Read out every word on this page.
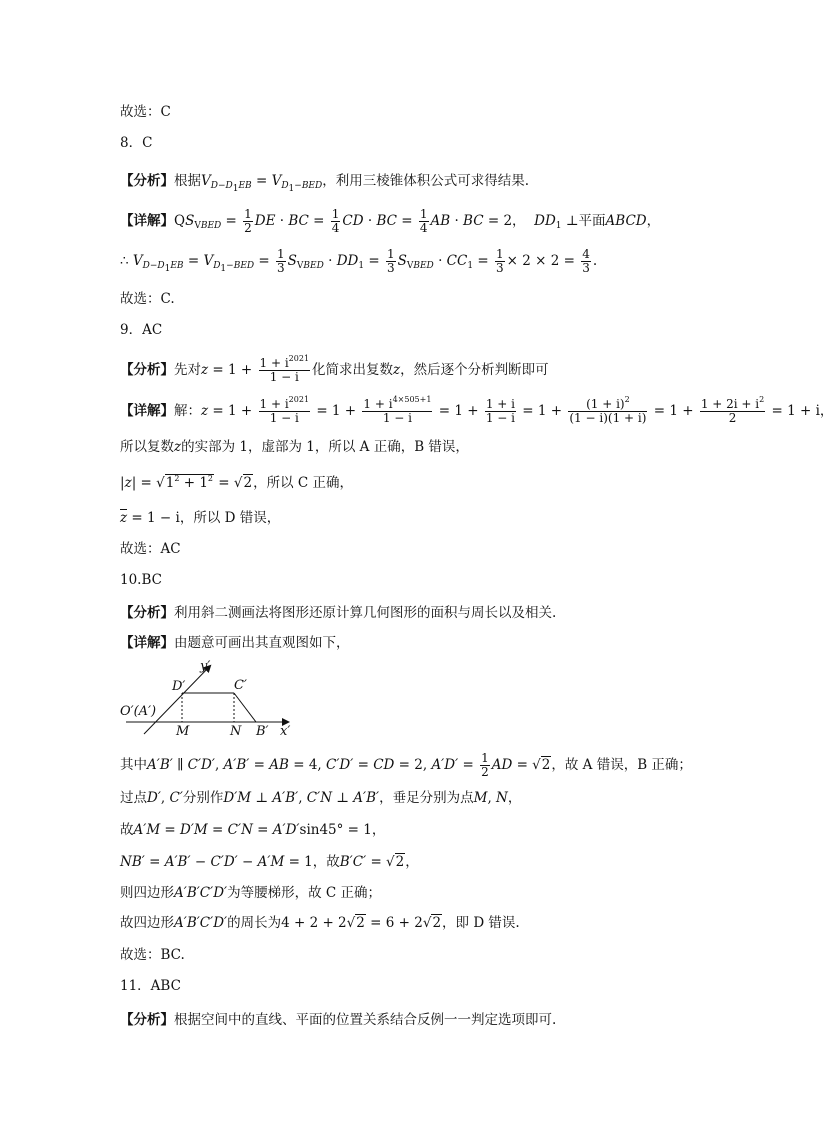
故选：C
8．C
【分析】根据$V_{D-D_1EB} = V_{D_1-BED}$，利用三棱锥体积公式可求得结果.
【详解】$QS_{VBED} = \frac{1}{2}$ DE · BC = $\frac{1}{4}$ CD · BC = $\frac{1}{4}$ AB · BC = 2，  $DD_1$ ⊥平面ABCD，
∴ $V_{D-D_1EB} = V_{D_1-BED} = \frac{1}{3} S_{VBED} \cdot DD_1 = \frac{1}{3} S_{VBED} \cdot CC_1 = \frac{1}{3} \times 2 \times 2 = \frac{4}{3}$ .
故选：C.
9．AC
【分析】先对$z = 1 + \frac{1 + i^{2021}}{1 - i}$ 化简求出复数z，然后逐个分析判断即可
【详解】解：$z = 1 + \frac{1 + i^{2021}}{1 - i} = 1 + \frac{1 + i^{4\times 505+1}}{1 - i} = 1 + \frac{1 + i}{1 - i} = 1 + \frac{(1 + i)^2}{(1 - i)(1 + i)} = 1 + \frac{1 + 2i + i^2}{2} = 1 + i$，
所以复数z的实部为 1，虚部为 1，所以 A 正确，B 错误，
$|z| = √1^2 + 1^2 = √2$，所以 C 正确，
z = 1 − i，所以 D 错误，
故选：AC
10.BC
【分析】利用斜二测画法将图形还原计算几何图形的面积与周长以及相关.
【详解】由题意可画出其直观图如下，
y′
D′	C′
O′(A′)
M	N B′ x′
其中A′B′ ∥ C′D′, A′B′ = AB = 4, C′D′ = CD = 2, $A'D' = \frac{1}{2}$ AD = √2，故 A 错误，B 正确；
过点D′, C′分别作D′M ⊥ A′B′, C′N ⊥ A′B′，垂足分别为点M, N，
故A′M = D′M = C′N = A′D′sin45° = 1，
NB′ = A′B′ − C′D′ − A′M = 1，故B′C′ = √2，
则四边形A′B′C′D′为等腰梯形，故 C 正确；
故四边形A′B′C′D′的周长为4 + 2 + 2√2 = 6 + 2√2，即 D 错误.
故选：BC.
11．ABC
【分析】根据空间中的直线、平面的位置关系结合反例一一判定选项即可.
